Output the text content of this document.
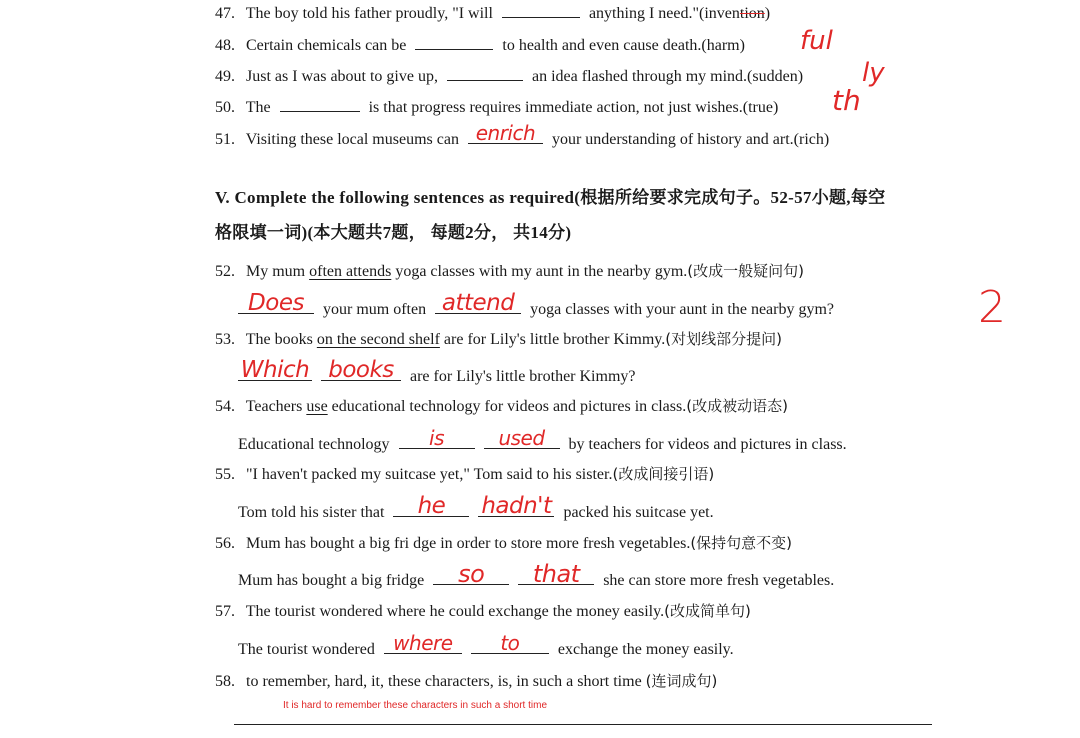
47. The boy told his father proudly, "I will	anything I need."(invention)
48. Certain chemicals can be	to health and even cause death.(harm) ful
49. Just as I was about to give up,	an idea flashed through my mind.(sudden) ly
50. The	is that progress requires immediate action, not just wishes.(true) th
51. Visiting these local museums can enrich	your understanding of history and art.(rich)
V. Complete the following sentences as required(根据所给要求完成句子。52-57小题,每空
格限填一词)(本大题共7题， 每题2分， 共14分)
52. My mum often attends yoga classes with my aunt in the nearby gym.(改成一般疑问句)
Does	your mum often attend yoga classes with your aunt in the nearby gym?	2
53. The books on the second shelf are for Lily's little brother Kimmy.(对划线部分提问)
Which
books	are for Lily's little brother Kimmy?
54. Teachers use educational technology for videos and pictures in class.(改成被动语态)
Educational technology	is
	used	by teachers for videos and pictures in class.
55. "I haven't packed my suitcase yet," Tom said to his sister.(改成间接引语)
Tom told his sister that	he
	hadn't packed his suitcase yet.
56. Mum has bought a big fri dge in order to store more fresh vegetables.(保持句意不变)
Mum has bought a big fridge	so
	that	she can store more fresh vegetables.
57. The tourist wondered where he could exchange the money easily.(改成简单句)
The tourist wondered where
	to	exchange the money easily.
58. to remember, hard, it, these characters, is, in such a short time (连词成句)
It is hard to remember these characters in such a short time
